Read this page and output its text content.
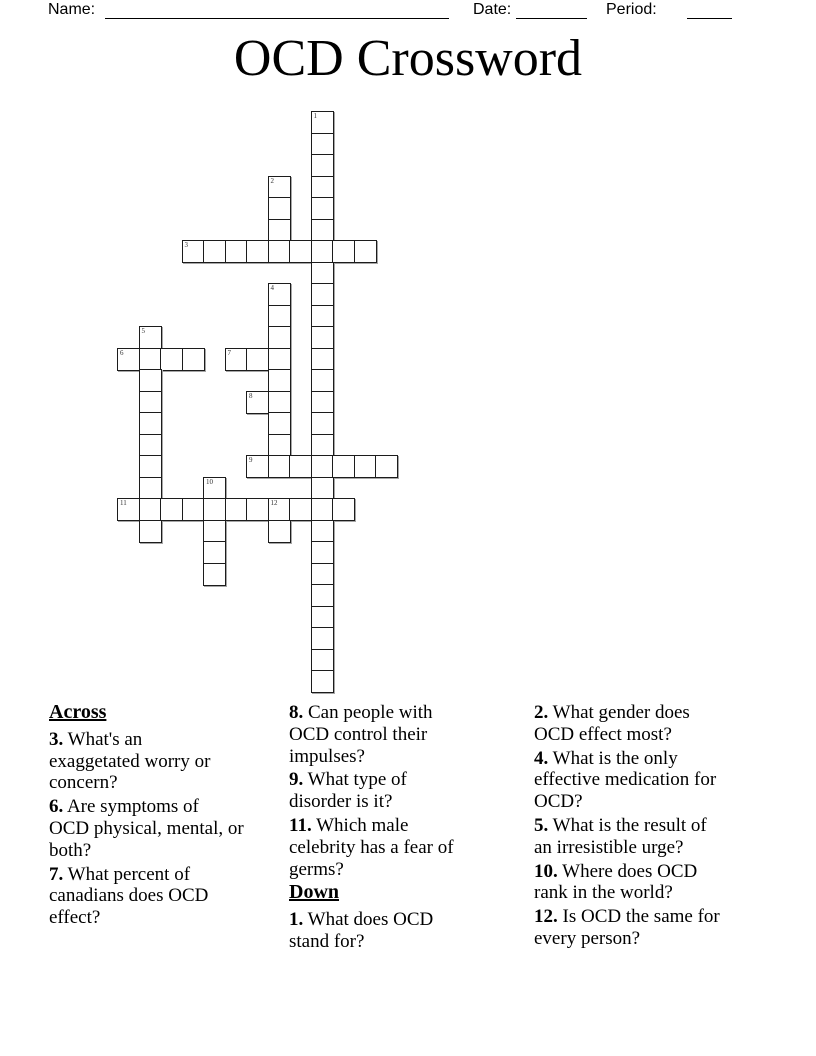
Name:	Date:	Period:
OCD Crossword
1
2
3
4
5
6	7
8
9
10
11	12
Across

3. What's an
exaggetated worry or
concern?

6. Are symptoms of
OCD physical, mental, or
both?

7. What percent of
canadians does OCD
effect?

8. Can people with
OCD control their
impulses?

9. What type of
disorder is it?

11. Which male
celebrity has a fear of
germs?

Down

1. What does OCD
stand for?

2. What gender does
OCD effect most?

4. What is the only
effective medication for
OCD?

5. What is the result of
an irresistible urge?

10. Where does OCD
rank in the world?

12. Is OCD the same for
every person?
